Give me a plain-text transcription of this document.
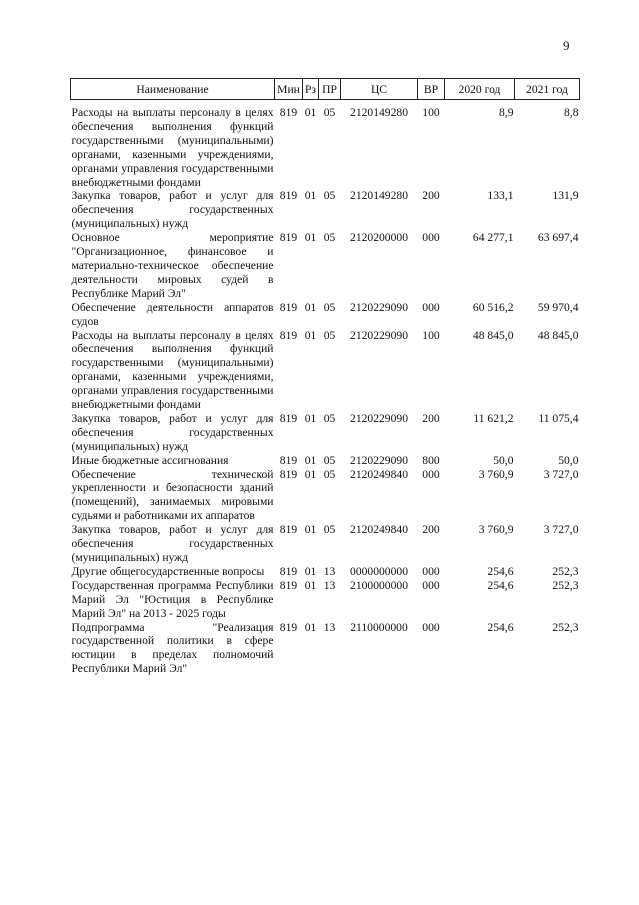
9
Наименование	Мин	Рз	ПР	ЦС	ВР	2020 год	2021 год
Расходы на выплаты персоналу в целях обеспечения выполнения функций государственными (муниципальными) органами, казенными учреждениями, органами управления государственными внебюджетными фондами	819	01	05	2120149280	100	8,9	8,8
Закупка товаров, работ и услуг для обеспечения государственных (муниципальных) нужд	819	01	05	2120149280	200	133,1	131,9
Основное мероприятие "Организационное, финансовое и материально-техническое обеспечение деятельности мировых судей в Республике Марий Эл"	819	01	05	2120200000	000	64 277,1	63 697,4
Обеспечение деятельности аппаратов судов	819	01	05	2120229090	000	60 516,2	59 970,4
Расходы на выплаты персоналу в целях обеспечения выполнения функций государственными (муниципальными) органами, казенными учреждениями, органами управления государственными внебюджетными фондами	819	01	05	2120229090	100	48 845,0	48 845,0
Закупка товаров, работ и услуг для обеспечения государственных (муниципальных) нужд	819	01	05	2120229090	200	11 621,2	11 075,4
Иные бюджетные ассигнования	819	01	05	2120229090	800	50,0	50,0
Обеспечение технической укрепленности и безопасности зданий (помещений), занимаемых мировыми судьями и работниками их аппаратов	819	01	05	2120249840	000	3 760,9	3 727,0
Закупка товаров, работ и услуг для обеспечения государственных (муниципальных) нужд	819	01	05	2120249840	200	3 760,9	3 727,0
Другие общегосударственные вопросы	819	01	13	0000000000	000	254,6	252,3
Государственная программа Республики Марий Эл "Юстиция в Республике Марий Эл" на 2013 - 2025 годы	819	01	13	2100000000	000	254,6	252,3
Подпрограмма "Реализация государственной политики в сфере юстиции в пределах полномочий Республики Марий Эл"	819	01	13	2110000000	000	254,6	252,3
